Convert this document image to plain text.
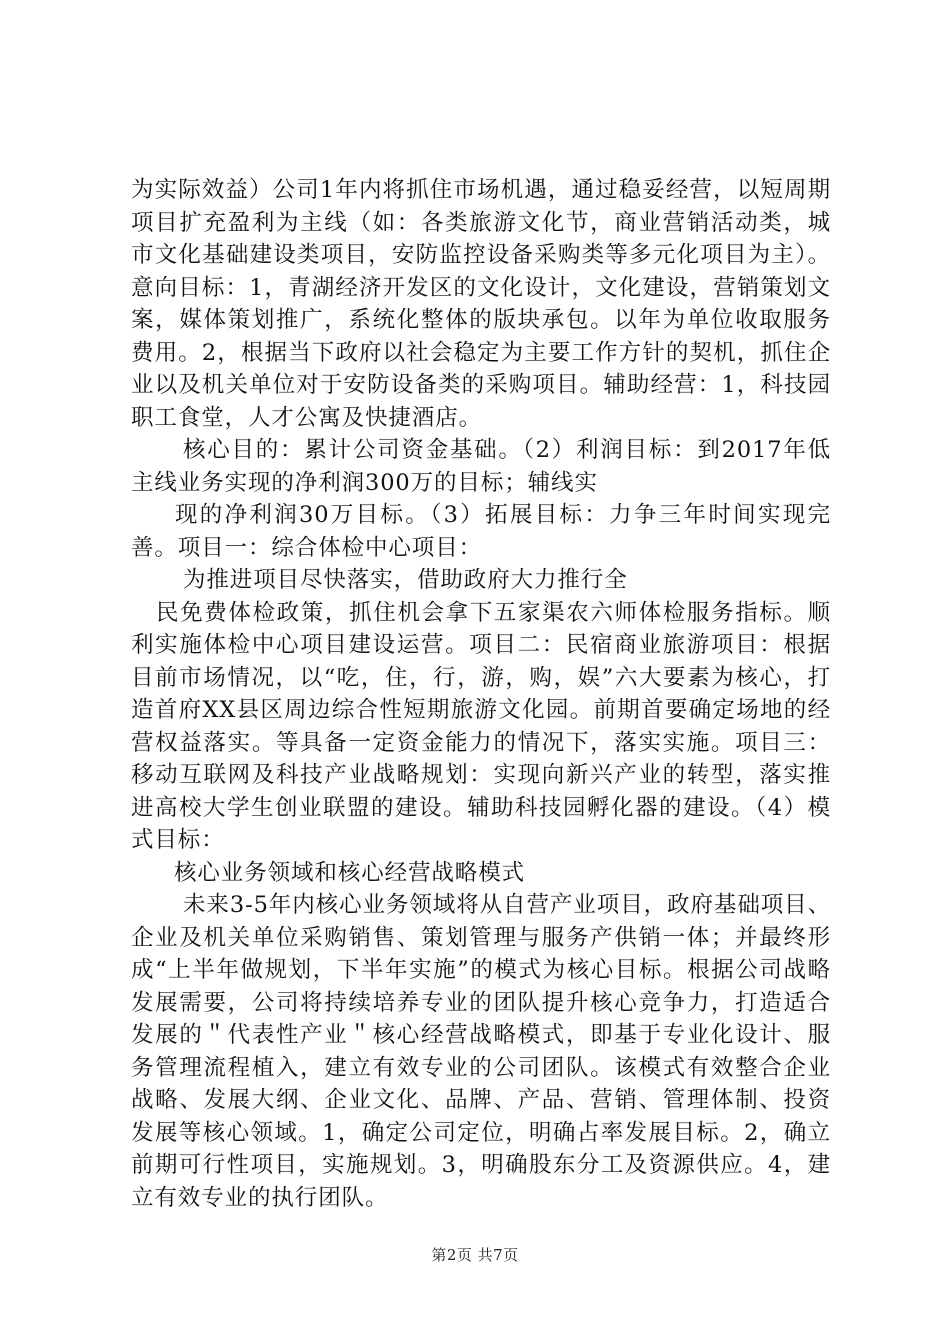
为实际效益）公司1年内将抓住市场机遇，通过稳妥经营，以短周期项目扩充盈利为主线（如：各类旅游文化节，商业营销活动类，城市文化基础建设类项目，安防监控设备采购类等多元化项目为主）。意向目标：1，青湖经济开发区的文化设计，文化建设，营销策划文案，媒体策划推广，系统化整体的版块承包。以年为单位收取服务费用。2，根据当下政府以社会稳定为主要工作方针的契机，抓住企业以及机关单位对于安防设备类的采购项目。辅助经营：1，科技园职工食堂，人才公寓及快捷酒店。

核心目的：累计公司资金基础。（2）利润目标：到2017年低主线业务实现的净利润300万的目标；辅线实

现的净利润30万目标。（3）拓展目标：力争三年时间实现完善。项目一：综合体检中心项目：

为推进项目尽快落实，借助政府大力推行全

民免费体检政策，抓住机会拿下五家渠农六师体检服务指标。顺利实施体检中心项目建设运营。项目二：民宿商业旅游项目：根据目前市场情况，以“吃，住，行，游，购，娱”六大要素为核心，打造首府XX县区周边综合性短期旅游文化园。前期首要确定场地的经营权益落实。等具备一定资金能力的情况下，落实实施。项目三：移动互联网及科技产业战略规划：实现向新兴产业的转型，落实推进高校大学生创业联盟的建设。辅助科技园孵化器的建设。（4）模式目标：

核心业务领域和核心经营战略模式

未来3-5年内核心业务领域将从自营产业项目，政府基础项目、企业及机关单位采购销售、策划管理与服务产供销一体；并最终形成“上半年做规划，下半年实施”的模式为核心目标。根据公司战略发展需要，公司将持续培养专业的团队提升核心竞争力，打造适合发展的＂代表性产业＂核心经营战略模式，即基于专业化设计、服务管理流程植入，建立有效专业的公司团队。该模式有效整合企业战略、发展大纲、企业文化、品牌、产品、营销、管理体制、投资发展等核心领域。1，确定公司定位，明确占率发展目标。2，确立前期可行性项目，实施规划。3，明确股东分工及资源供应。4，建立有效专业的执行团队。

第2页 共7页
